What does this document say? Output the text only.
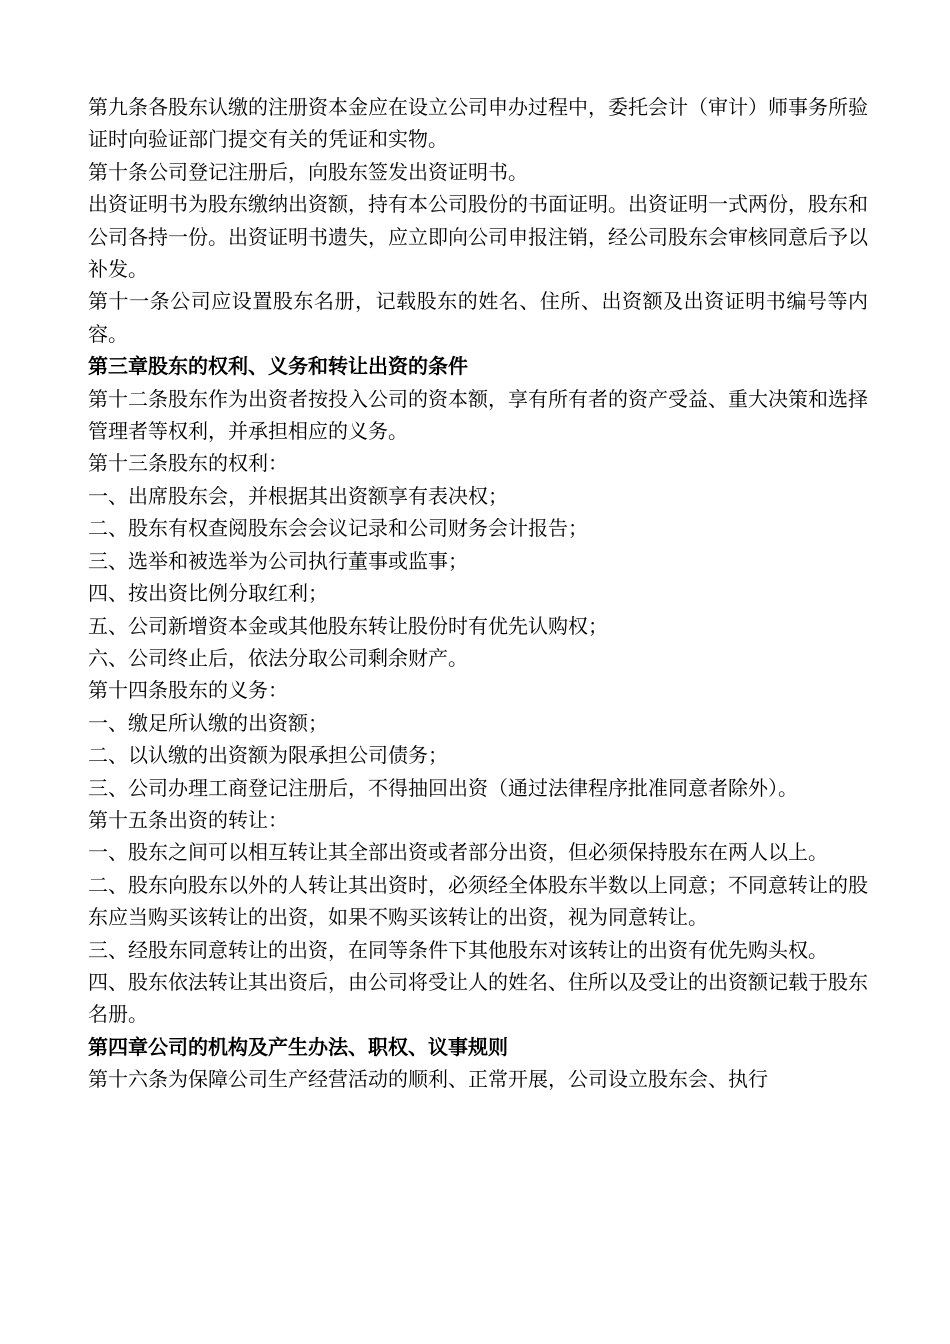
第九条各股东认缴的注册资本金应在设立公司申办过程中，委托会计（审计）师事务所验证时向验证部门提交有关的凭证和实物。

第十条公司登记注册后，向股东签发出资证明书。

出资证明书为股东缴纳出资额，持有本公司股份的书面证明。出资证明一式两份，股东和公司各持一份。出资证明书遗失，应立即向公司申报注销，经公司股东会审核同意后予以补发。

第十一条公司应设置股东名册，记载股东的姓名、住所、出资额及出资证明书编号等内容。

第三章股东的权利、义务和转让出资的条件

第十二条股东作为出资者按投入公司的资本额，享有所有者的资产受益、重大决策和选择管理者等权利，并承担相应的义务。

第十三条股东的权利：

一、出席股东会，并根据其出资额享有表决权；

二、股东有权查阅股东会会议记录和公司财务会计报告；

三、选举和被选举为公司执行董事或监事；

四、按出资比例分取红利；

五、公司新增资本金或其他股东转让股份时有优先认购权；

六、公司终止后，依法分取公司剩余财产。

第十四条股东的义务：

一、缴足所认缴的出资额；

二、以认缴的出资额为限承担公司债务；

三、公司办理工商登记注册后，不得抽回出资（通过法律程序批准同意者除外）。

第十五条出资的转让：

一、股东之间可以相互转让其全部出资或者部分出资，但必须保持股东在两人以上。

二、股东向股东以外的人转让其出资时，必须经全体股东半数以上同意；不同意转让的股东应当购买该转让的出资，如果不购买该转让的出资，视为同意转让。

三、经股东同意转让的出资，在同等条件下其他股东对该转让的出资有优先购头权。

四、股东依法转让其出资后，由公司将受让人的姓名、住所以及受让的出资额记载于股东名册。

第四章公司的机构及产生办法、职权、议事规则

第十六条为保障公司生产经营活动的顺利、正常开展，公司设立股东会、执行
